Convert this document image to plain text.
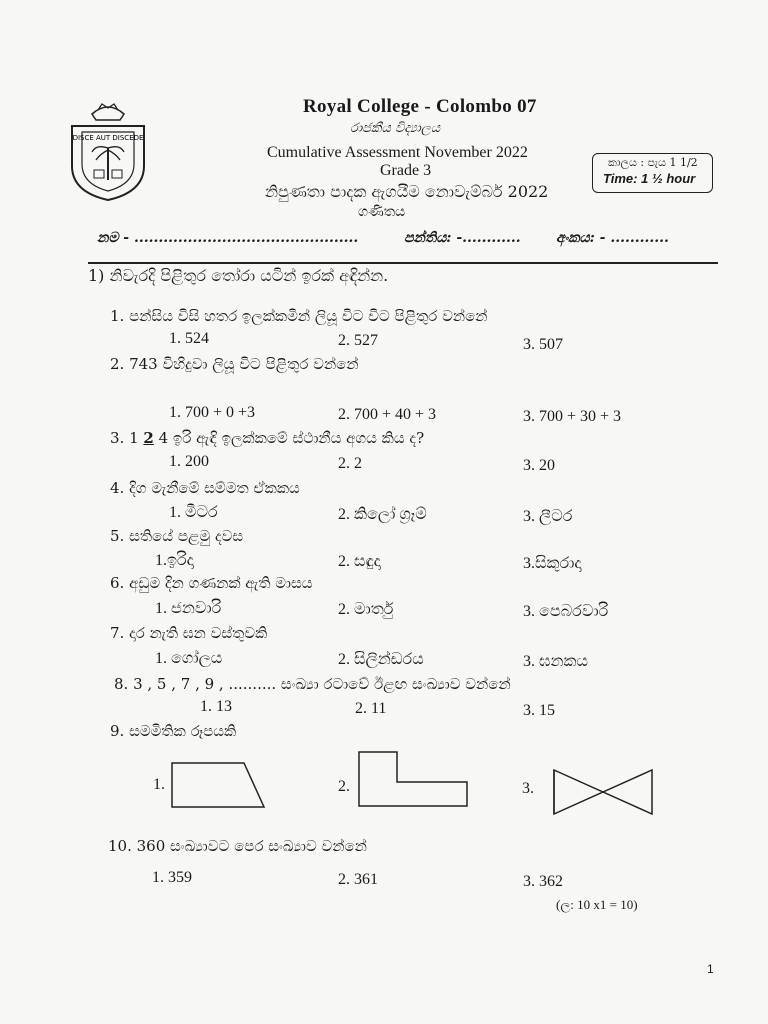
DISCE AUT DISCEDE
Royal College - Colombo 07
රාජකීය විද්‍යාලය
Cumulative Assessment November 2022
Grade 3
නිපුණතා පාදක ඇගයීම නොවැම්බර් 2022
ගණිතය
කාලය : පැය 1 1/2
Time: 1 ½ hour
නම - ..............................................	පන්තිය: -............	අංකය: - ............
1) නිවැරදි පිළිතුර තෝරා යටින් ඉරක් අඳින්න.
1. පන්සිය විසි හතර ඉලක්කමින් ලියූ විට විට පිළිතුර වන්නේ
1. 524	2. 527	3. 507
2. 743 විහිදුවා ලියූ විට පිළිතුර වන්නේ
1. 700 + 0 +3	2. 700 + 40 + 3	3. 700 + 30 + 3
3. 1 2 4 ඉරි ඇඳි ඉලක්කමේ ස්ථානීය අගය කිය ද?
1. 200	2. 2	3. 20
4. දිග මැනීමේ සම්මත ඒකකය
1. මීටර	2. කිලෝ ග්‍රෑම්	3. ලීටර
5. සතියේ පළමු දවස
1.ඉරිදා	2. සඳුදා	3.සිකුරාදා
6. අඩුම දින ගණනක් ඇති මාසය
1. ජනවාරි	2. මාර්තු	3. පෙබරවාරි
7. දාර නැති ඝන වස්තුවකි
1. ගෝලය	2. සිලින්ඩරය	3. ඝනකය
8. 3 , 5 , 7 , 9 , .......... සංඛ්‍යා රටාවේ ඊළඟ සංඛ්‍යාව වන්නේ
1. 13	2. 11	3. 15
9. සමමිතික රූපයකි
1.	2.	3.
10. 360 සංඛ්‍යාවට පෙර සංඛ්‍යාව වන්නේ
1. 359	2. 361	3. 362
(ල: 10 x1 = 10)
1
